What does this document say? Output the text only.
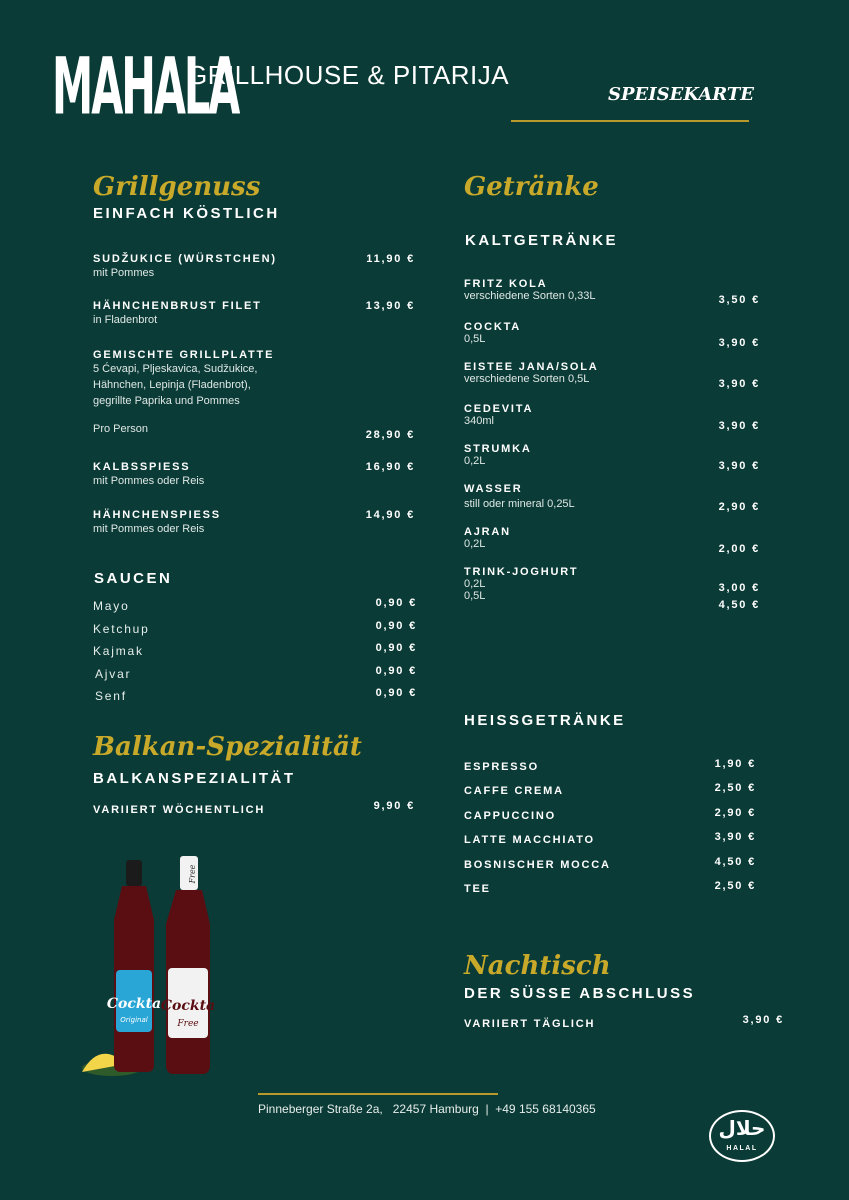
MAHALA
GRILLHOUSE & PITARIJA
SPEISEKARTE
Grillgenuss
EINFACH KÖSTLICH
SUDŽUKICE (WÜRSTCHEN)
mit Pommes
11,90 €
HÄHNCHENBRUST FILET
in Fladenbrot
13,90 €
GEMISCHTE GRILLPLATTE
5 Ćevapi, Pljeskavica, Sudžukice,
Hähnchen, Lepinja (Fladenbrot),
gegrillte Paprika und Pommes
Pro Person	28,90 €
KALBSSPIESS
mit Pommes oder Reis
16,90 €
HÄHNCHENSPIESS
mit Pommes oder Reis
14,90 €
SAUCEN
Mayo	0,90 €
Ketchup	0,90 €
Kajmak	0,90 €
Ajvar	0,90 €
Senf	0,90 €
Balkan-Spezialität
BALKANSPEZIALITÄT
VARIIERT WÖCHENTLICH	9,90 €
Cockta
Original
Free
Cockta
Free
Getränke
KALTGETRÄNKE
FRITZ KOLA
verschiedene Sorten 0,33L	3,50 €
COCKTA
0,5L	3,90 €
EISTEE JANA/SOLA
verschiedene Sorten 0,5L	3,90 €
CEDEVITA
340ml	3,90 €
STRUMKA
0,2L	3,90 €
WASSER
still oder mineral 0,25L	2,90 €
AJRAN
0,2L	2,00 €
TRINK-JOGHURT
0,2L
0,5L
3,00 €
4,50 €
HEISSGETRÄNKE
ESPRESSO	1,90 €
CAFFE CREMA	2,50 €
CAPPUCCINO	2,90 €
LATTE MACCHIATO	3,90 €
BOSNISCHER MOCCA	4,50 €
TEE	2,50 €
Nachtisch
DER SÜSSE ABSCHLUSS
VARIIERT TÄGLICH	3,90 €
Pinneberger Straße 2a,   22457 Hamburg  |  +49 155 68140365
حلال
HALAL
